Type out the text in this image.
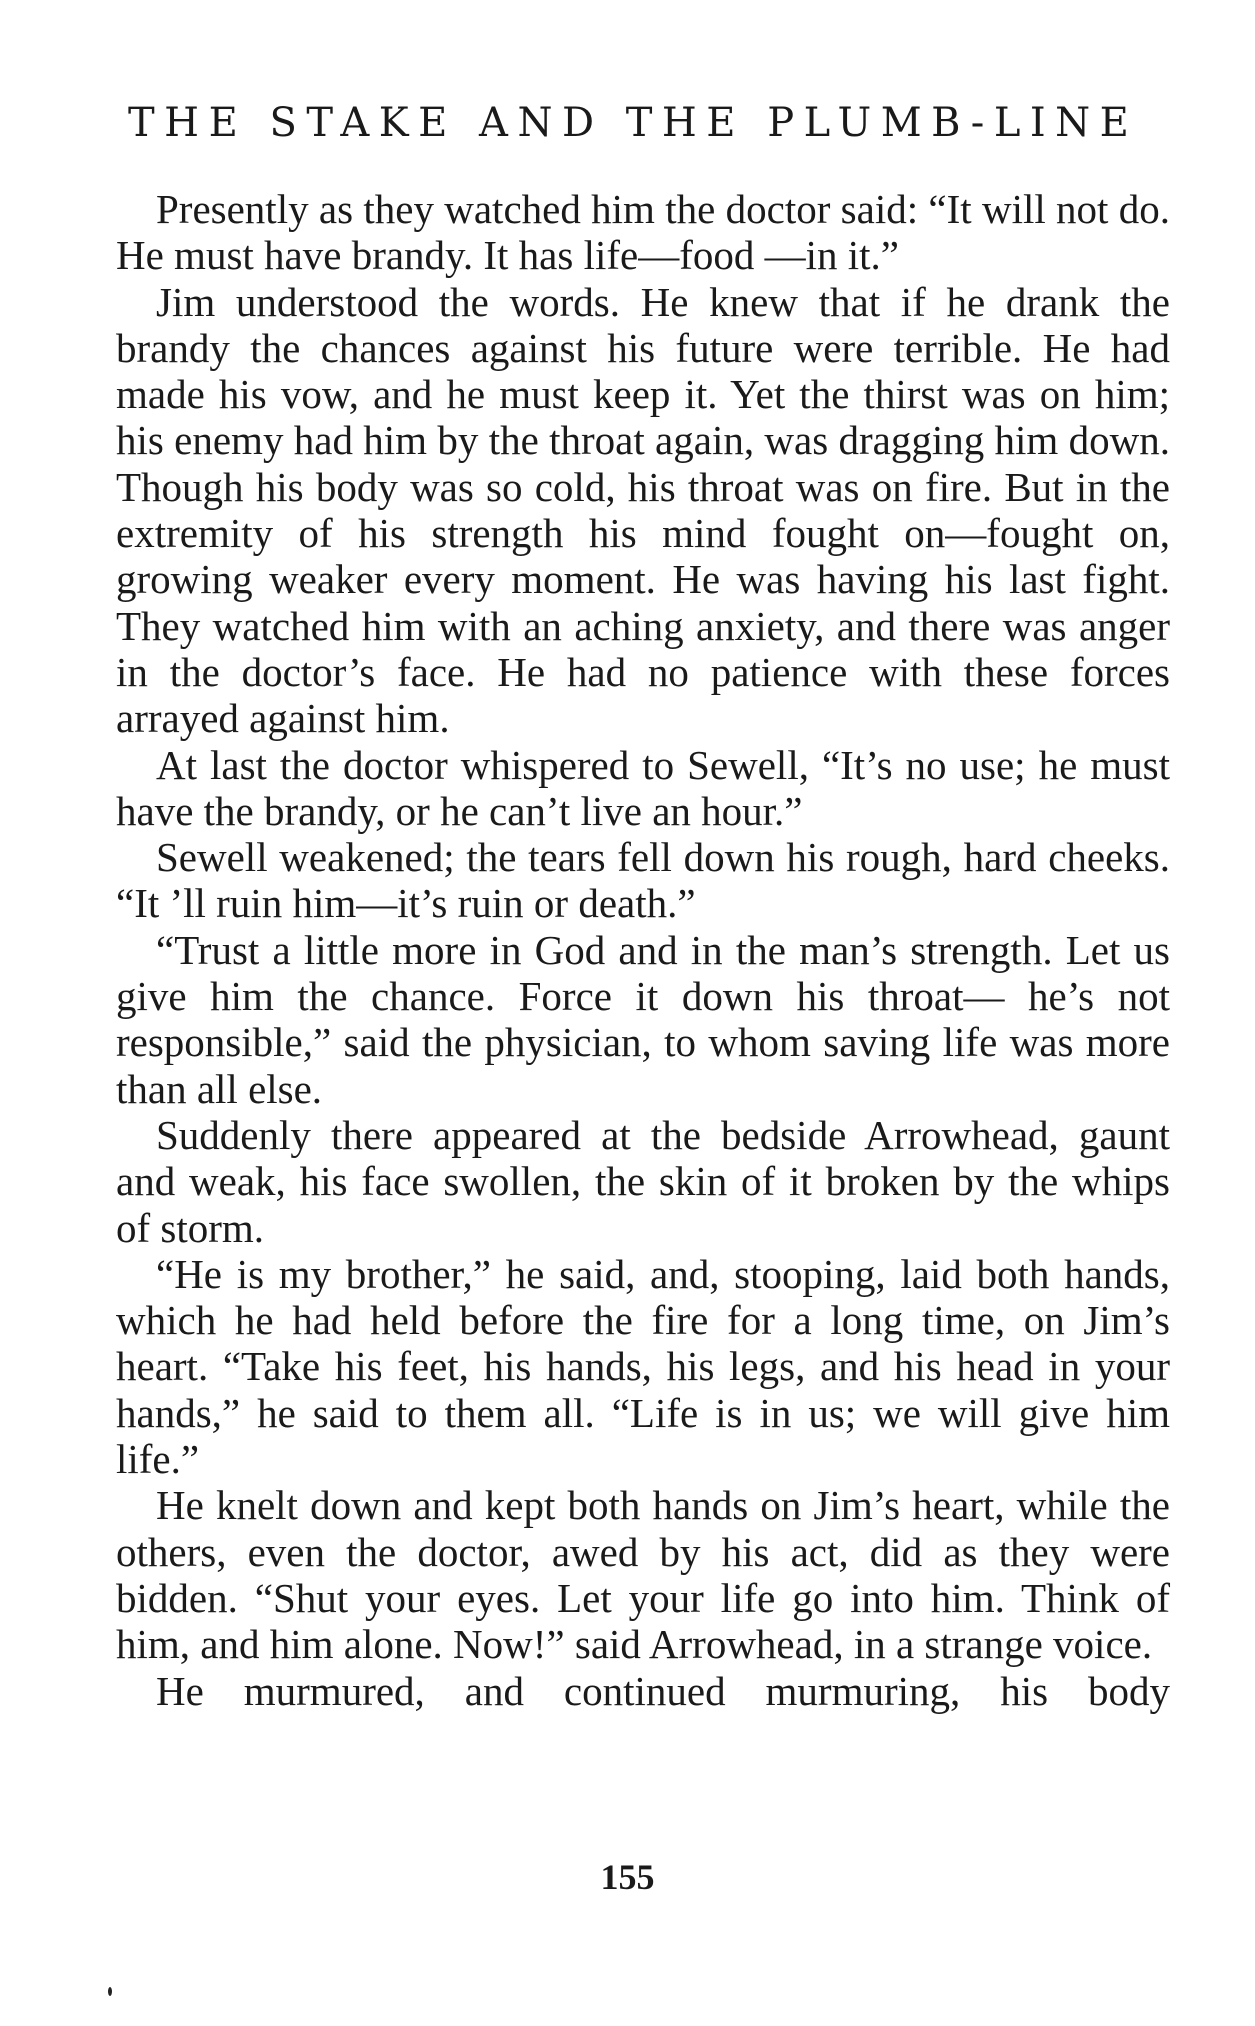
THE STAKE AND THE PLUMB-LINE

Presently as they watched him the doctor said: “It will not do. He must have brandy. It has life—food —in it.”

Jim understood the words. He knew that if he drank the brandy the chances against his future were terrible. He had made his vow, and he must keep it. Yet the thirst was on him; his enemy had him by the throat again, was dragging him down. Though his body was so cold, his throat was on fire. But in the extremity of his strength his mind fought on—fought on, growing weaker every moment. He was having his last fight. They watched him with an aching anxiety, and there was anger in the doctor’s face. He had no patience with these forces arrayed against him.

At last the doctor whispered to Sewell, “It’s no use; he must have the brandy, or he can’t live an hour.”

Sewell weakened; the tears fell down his rough, hard cheeks. “It ’ll ruin him—it’s ruin or death.”

“Trust a little more in God and in the man’s strength. Let us give him the chance. Force it down his throat— he’s not responsible,” said the physician, to whom saving life was more than all else.

Suddenly there appeared at the bedside Arrowhead, gaunt and weak, his face swollen, the skin of it broken by the whips of storm.

“He is my brother,” he said, and, stooping, laid both hands, which he had held before the fire for a long time, on Jim’s heart. “Take his feet, his hands, his legs, and his head in your hands,” he said to them all. “Life is in us; we will give him life.”

He knelt down and kept both hands on Jim’s heart, while the others, even the doctor, awed by his act, did as they were bidden. “Shut your eyes. Let your life go into him. Think of him, and him alone. Now!” said Arrowhead, in a strange voice.

He murmured, and continued murmuring, his body

155
